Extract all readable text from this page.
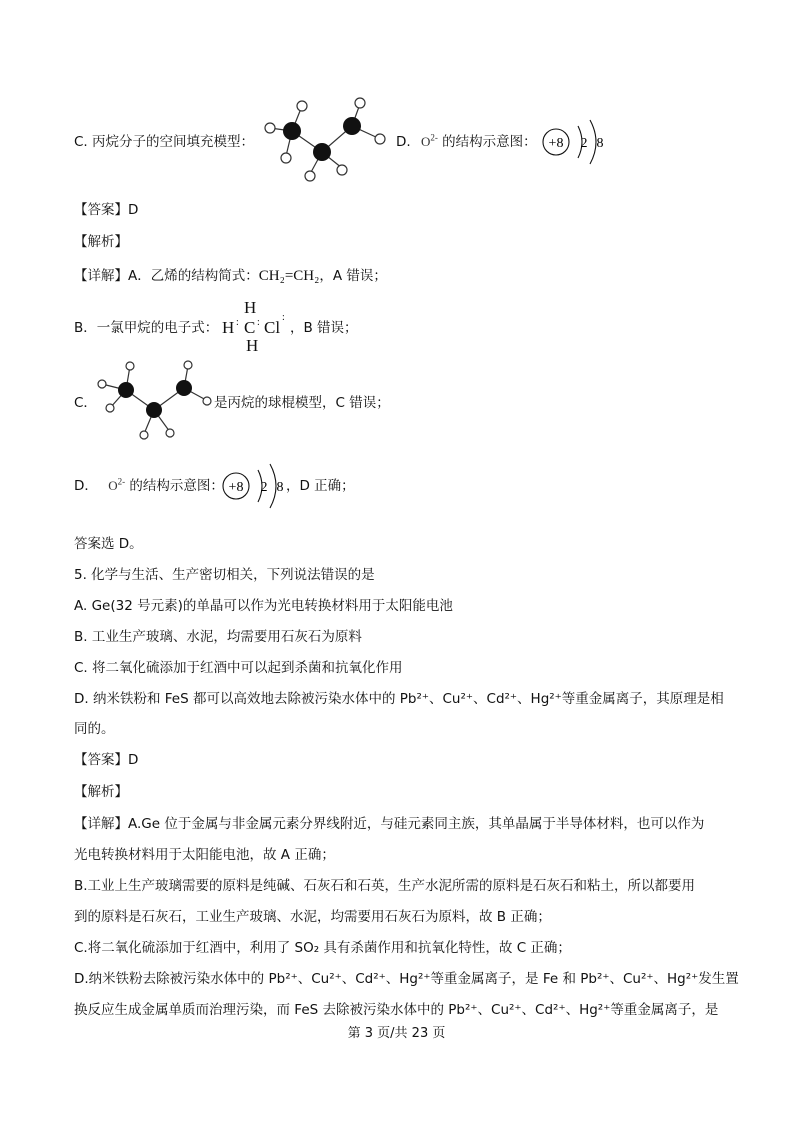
C. 丙烷分子的空间填充模型：	D. $O^{2-}$ 的结构示意图： +8 2 8
【答案】D
【解析】
【详解】A．乙烯的结构简式：CH₂=CH₂，A 错误；
B．一氯甲烷的电子式：
H
H : C : Cl
:
H
，B 错误；
C．	是丙烷的球棍模型，C 错误；
D． $O^{2-}$ 的结构示意图： +8 2 8 ，D 正确；
答案选 D。
5. 化学与生活、生产密切相关，下列说法错误的是
A. Ge(32 号元素)的单晶可以作为光电转换材料用于太阳能电池
B. 工业生产玻璃、水泥，均需要用石灰石为原料
C. 将二氧化硫添加于红酒中可以起到杀菌和抗氧化作用
D. 纳米铁粉和 FeS 都可以高效地去除被污染水体中的 Pb²⁺、Cu²⁺、Cd²⁺、Hg²⁺等重金属离子，其原理是相
同的。
【答案】D
【解析】
【详解】A.Ge 位于金属与非金属元素分界线附近，与硅元素同主族，其单晶属于半导体材料，也可以作为
光电转换材料用于太阳能电池，故 A 正确；
B.工业上生产玻璃需要的原料是纯碱、石灰石和石英，生产水泥所需的原料是石灰石和粘土，所以都要用
到的原料是石灰石，工业生产玻璃、水泥，均需要用石灰石为原料，故 B 正确；
C.将二氧化硫添加于红酒中，利用了 SO₂ 具有杀菌作用和抗氧化特性，故 C 正确；
D.纳米铁粉去除被污染水体中的 Pb²⁺、Cu²⁺、Cd²⁺、Hg²⁺等重金属离子，是 Fe 和 Pb²⁺、Cu²⁺、Hg²⁺发生置
换反应生成金属单质而治理污染，而 FeS 去除被污染水体中的 Pb²⁺、Cu²⁺、Cd²⁺、Hg²⁺等重金属离子，是
第 3 页/共 23 页
